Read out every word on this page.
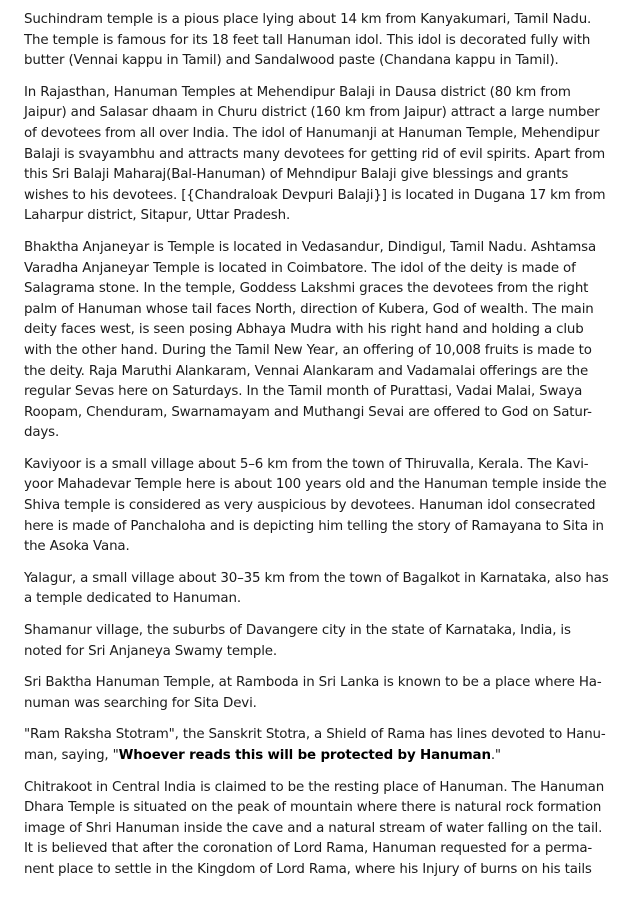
Suchindram temple is a pious place lying about 14 km from Kanyakumari, Tamil Nadu.
The temple is famous for its 18 feet tall Hanuman idol. This idol is decorated fully with
butter (Vennai kappu in Tamil) and Sandalwood paste (Chandana kappu in Tamil).

In Rajasthan, Hanuman Temples at Mehendipur Balaji in Dausa district (80 km from
Jaipur) and Salasar dhaam in Churu district (160 km from Jaipur) attract a large number
of devotees from all over India. The idol of Hanumanji at Hanuman Temple, Mehendipur
Balaji is svayambhu and attracts many devotees for getting rid of evil spirits. Apart from
this Sri Balaji Maharaj(Bal-Hanuman) of Mehndipur Balaji give blessings and grants
wishes to his devotees. [{Chandraloak Devpuri Balaji}] is located in Dugana 17 km from
Laharpur district, Sitapur, Uttar Pradesh.

Bhaktha Anjaneyar is Temple is located in Vedasandur, Dindigul, Tamil Nadu. Ashtamsa
Varadha Anjaneyar Temple is located in Coimbatore. The idol of the deity is made of
Salagrama stone. In the temple, Goddess Lakshmi graces the devotees from the right
palm of Hanuman whose tail faces North, direction of Kubera, God of wealth. The main
deity faces west, is seen posing Abhaya Mudra with his right hand and holding a club
with the other hand. During the Tamil New Year, an offering of 10,008 fruits is made to
the deity. Raja Maruthi Alankaram, Vennai Alankaram and Vadamalai offerings are the
regular Sevas here on Saturdays. In the Tamil month of Purattasi, Vadai Malai, Swaya
Roopam, Chenduram, Swarnamayam and Muthangi Sevai are offered to God on Satur-
days.

Kaviyoor is a small village about 5–6 km from the town of Thiruvalla, Kerala. The Kavi-
yoor Mahadevar Temple here is about 100 years old and the Hanuman temple inside the
Shiva temple is considered as very auspicious by devotees. Hanuman idol consecrated
here is made of Panchaloha and is depicting him telling the story of Ramayana to Sita in
the Asoka Vana.

Yalagur, a small village about 30–35 km from the town of Bagalkot in Karnataka, also has
a temple dedicated to Hanuman.

Shamanur village, the suburbs of Davangere city in the state of Karnataka, India, is
noted for Sri Anjaneya Swamy temple.

Sri Baktha Hanuman Temple, at Ramboda in Sri Lanka is known to be a place where Ha-
numan was searching for Sita Devi.

"Ram Raksha Stotram", the Sanskrit Stotra, a Shield of Rama has lines devoted to Hanu-
man, saying, "Whoever reads this will be protected by Hanuman."

Chitrakoot in Central India is claimed to be the resting place of Hanuman. The Hanuman
Dhara Temple is situated on the peak of mountain where there is natural rock formation
image of Shri Hanuman inside the cave and a natural stream of water falling on the tail.
It is believed that after the coronation of Lord Rama, Hanuman requested for a perma-
nent place to settle in the Kingdom of Lord Rama, where his Injury of burns on his tails
